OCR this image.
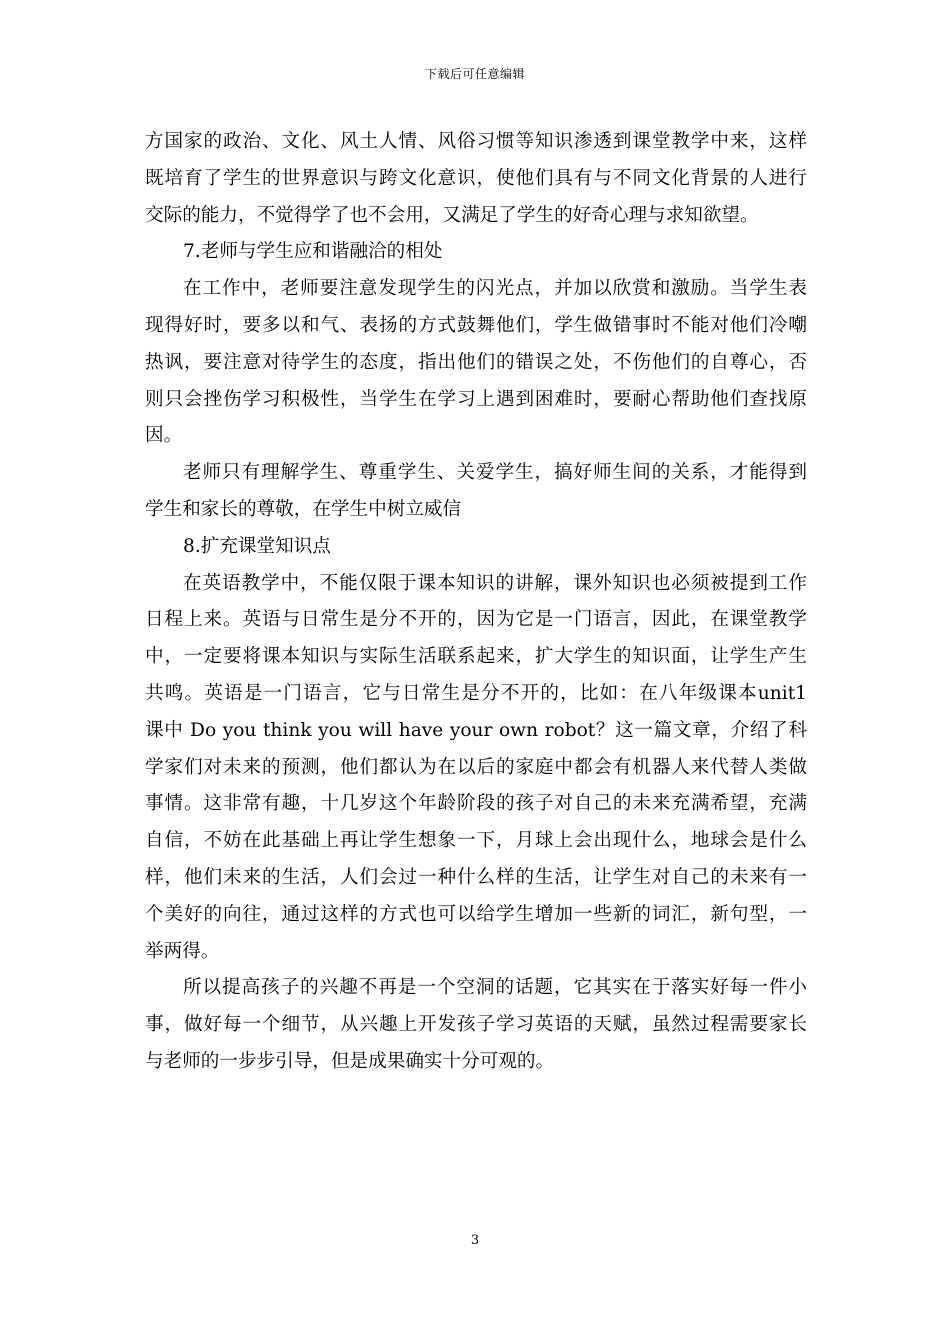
下载后可任意编辑
方国家的政治、文化、风土人情、风俗习惯等知识渗透到课堂教学中来，这样
既培育了学生的世界意识与跨文化意识，使他们具有与不同文化背景的人进行
交际的能力，不觉得学了也不会用，又满足了学生的好奇心理与求知欲望。
7.老师与学生应和谐融洽的相处
在工作中，老师要注意发现学生的闪光点，并加以欣赏和激励。当学生表
现得好时，要多以和气、表扬的方式鼓舞他们，学生做错事时不能对他们冷嘲
热讽，要注意对待学生的态度，指出他们的错误之处，不伤他们的自尊心，否
则只会挫伤学习积极性，当学生在学习上遇到困难时，要耐心帮助他们查找原
因。
老师只有理解学生、尊重学生、关爱学生，搞好师生间的关系，才能得到
学生和家长的尊敬，在学生中树立威信
8.扩充课堂知识点
在英语教学中，不能仅限于课本知识的讲解，课外知识也必须被提到工作
日程上来。英语与日常生是分不开的，因为它是一门语言，因此，在课堂教学
中，一定要将课本知识与实际生活联系起来，扩大学生的知识面，让学生产生
共鸣。英语是一门语言，它与日常生是分不开的，比如：在八年级课本unit1
课中 Do you think you will have your own robot？这一篇文章，介绍了科
学家们对未来的预测，他们都认为在以后的家庭中都会有机器人来代替人类做
事情。这非常有趣，十几岁这个年龄阶段的孩子对自己的未来充满希望，充满
自信，不妨在此基础上再让学生想象一下，月球上会出现什么，地球会是什么
样，他们未来的生活，人们会过一种什么样的生活，让学生对自己的未来有一
个美好的向往，通过这样的方式也可以给学生增加一些新的词汇，新句型，一
举两得。
所以提高孩子的兴趣不再是一个空洞的话题，它其实在于落实好每一件小
事，做好每一个细节，从兴趣上开发孩子学习英语的天赋，虽然过程需要家长
与老师的一步步引导，但是成果确实十分可观的。
3
